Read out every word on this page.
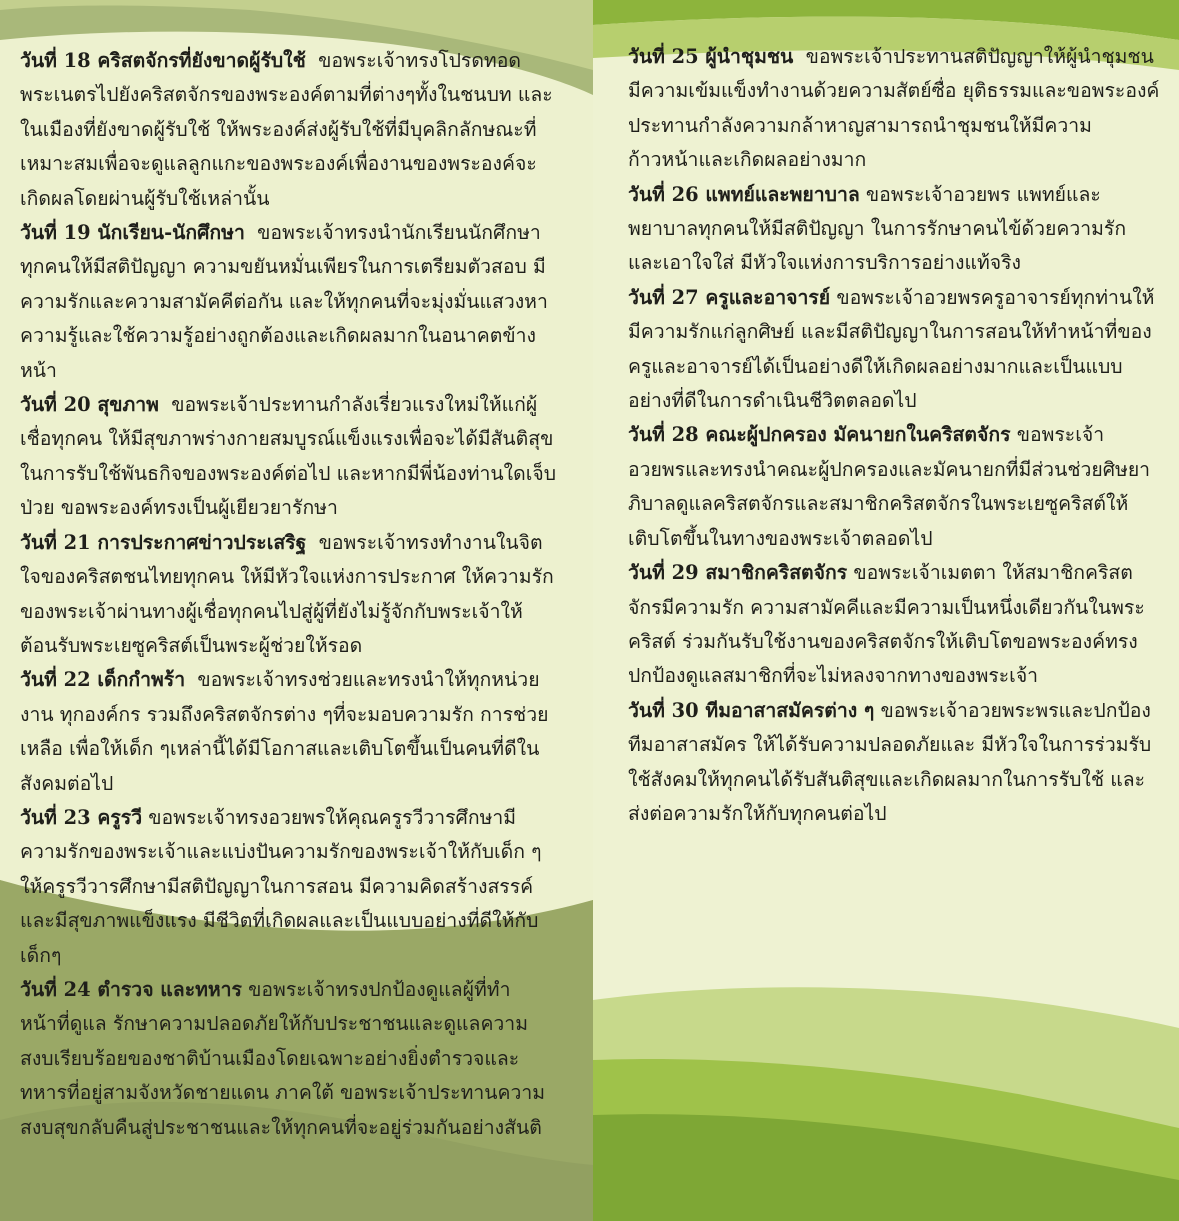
วันที่ 18 คริสตจักรที่ยังขาดผู้รับใช้ ขอพระเจ้าทรงโปรดทอดพระเนตรไปยังคริสตจักรของพระองค์ตามที่ต่างๆทั้งในชนบท และในเมืองที่ยังขาดผู้รับใช้ ให้พระองค์ส่งผู้รับใช้ที่มีบุคลิกลักษณะที่เหมาะสมเพื่อจะดูแลลูกแกะของพระองค์เพื่องานของพระองค์จะเกิดผลโดยผ่านผู้รับใช้เหล่านั้น

วันที่ 19 นักเรียน-นักศึกษา ขอพระเจ้าทรงนำนักเรียนนักศึกษาทุกคนให้มีสติปัญญา ความขยันหมั่นเพียรในการเตรียมตัวสอบ มีความรักและความสามัคคีต่อกัน และให้ทุกคนที่จะมุ่งมั่นแสวงหาความรู้และใช้ความรู้อย่างถูกต้องและเกิดผลมากในอนาคตข้างหน้า

วันที่ 20 สุขภาพ ขอพระเจ้าประทานกำลังเรี่ยวแรงใหม่ให้แก่ผู้เชื่อทุกคน ให้มีสุขภาพร่างกายสมบูรณ์แข็งแรงเพื่อจะได้มีสันติสุขในการรับใช้พันธกิจของพระองค์ต่อไป และหากมีพี่น้องท่านใดเจ็บป่วย ขอพระองค์ทรงเป็นผู้เยียวยารักษา

วันที่ 21 การประกาศข่าวประเสริฐ ขอพระเจ้าทรงทำงานในจิตใจของคริสตชนไทยทุกคน ให้มีหัวใจแห่งการประกาศ ให้ความรักของพระเจ้าผ่านทางผู้เชื่อทุกคนไปสู่ผู้ที่ยังไม่รู้จักกับพระเจ้าให้ต้อนรับพระเยซูคริสต์เป็นพระผู้ช่วยให้รอด

วันที่ 22 เด็กกำพร้า ขอพระเจ้าทรงช่วยและทรงนำให้ทุกหน่วยงาน ทุกองค์กร รวมถึงคริสตจักรต่าง ๆที่จะมอบความรัก การช่วยเหลือ เพื่อให้เด็ก ๆเหล่านี้ได้มีโอกาสและเติบโตขึ้นเป็นคนที่ดีในสังคมต่อไป

วันที่ 23 ครูรวี ขอพระเจ้าทรงอวยพรให้คุณครูรวีวารศึกษามีความรักของพระเจ้าและแบ่งปันความรักของพระเจ้าให้กับเด็ก ๆให้ครูรวีวารศึกษามีสติปัญญาในการสอน มีความคิดสร้างสรรค์และมีสุขภาพแข็งแรง มีชีวิตที่เกิดผลและเป็นแบบอย่างที่ดีให้กับเด็กๆ

วันที่ 24 ตำรวจ และทหาร ขอพระเจ้าทรงปกป้องดูแลผู้ที่ทำหน้าที่ดูแล รักษาความปลอดภัยให้กับประชาชนและดูแลความสงบเรียบร้อยของชาติบ้านเมืองโดยเฉพาะอย่างยิ่งตำรวจและทหารที่อยู่สามจังหวัดชายแดน ภาคใต้ ขอพระเจ้าประทานความสงบสุขกลับคืนสู่ประชาชนและให้ทุกคนที่จะอยู่ร่วมกันอย่างสันติ

วันที่ 25 ผู้นำชุมชน ขอพระเจ้าประทานสติปัญญาให้ผู้นำชุมชนมีความเข้มแข็งทำงานด้วยความสัตย์ซื่อ ยุติธรรมและขอพระองค์ประทานกำลังความกล้าหาญสามารถนำชุมชนให้มีความก้าวหน้าและเกิดผลอย่างมาก

วันที่ 26 แพทย์และพยาบาล ขอพระเจ้าอวยพร แพทย์และพยาบาลทุกคนให้มีสติปัญญา ในการรักษาคนไข้ด้วยความรักและเอาใจใส่ มีหัวใจแห่งการบริการอย่างแท้จริง

วันที่ 27 ครูและอาจารย์ ขอพระเจ้าอวยพรครูอาจารย์ทุกท่านให้มีความรักแก่ลูกศิษย์ และมีสติปัญญาในการสอนให้ทำหน้าที่ของครูและอาจารย์ได้เป็นอย่างดีให้เกิดผลอย่างมากและเป็นแบบอย่างที่ดีในการดำเนินชีวิตตลอดไป

วันที่ 28 คณะผู้ปกครอง มัคนายกในคริสตจักร ขอพระเจ้าอวยพรและทรงนำคณะผู้ปกครองและมัคนายกที่มีส่วนช่วยศิษยาภิบาลดูแลคริสตจักรและสมาชิกคริสตจักรในพระเยซูคริสต์ให้เติบโตขึ้นในทางของพระเจ้าตลอดไป

วันที่ 29 สมาชิกคริสตจักร ขอพระเจ้าเมตตา ให้สมาชิกคริสตจักรมีความรัก ความสามัคคีและมีความเป็นหนึ่งเดียวกันในพระคริสต์ ร่วมกันรับใช้งานของคริสตจักรให้เติบโตขอพระองค์ทรงปกป้องดูแลสมาชิกที่จะไม่หลงจากทางของพระเจ้า

วันที่ 30 ทีมอาสาสมัครต่าง ๆ ขอพระเจ้าอวยพระพรและปกป้องทีมอาสาสมัคร ให้ได้รับความปลอดภัยและ มีหัวใจในการร่วมรับใช้สังคมให้ทุกคนได้รับสันติสุขและเกิดผลมากในการรับใช้ และส่งต่อความรักให้กับทุกคนต่อไป
